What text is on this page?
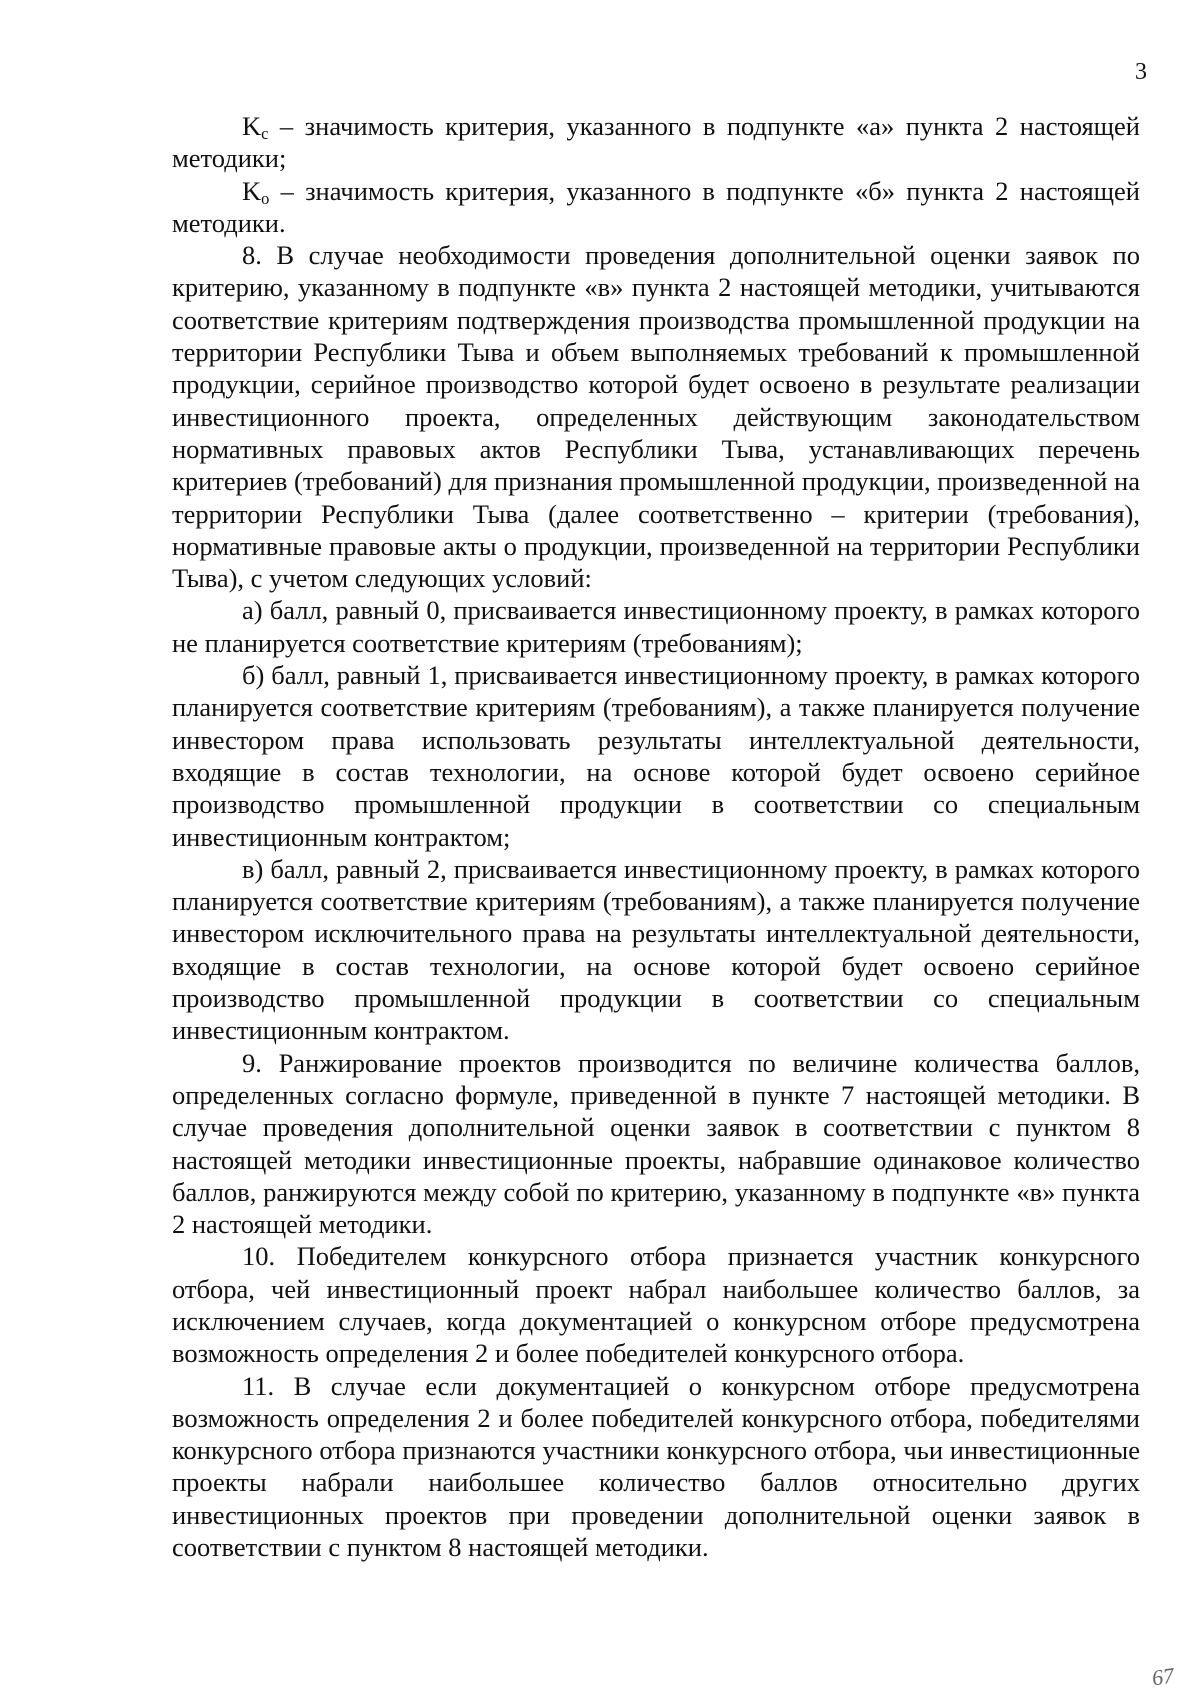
3

$K_c$ – значимость критерия, указанного в подпункте «а» пункта 2 настоящей методики;

$K_о$ – значимость критерия, указанного в подпункте «б» пункта 2 настоящей методики.

8. В случае необходимости проведения дополнительной оценки заявок по критерию, указанному в подпункте «в» пункта 2 настоящей методики, учитываются соответствие критериям подтверждения производства промышленной продукции на территории Республики Тыва и объем выполняемых требований к промышленной продукции, серийное производство которой будет освоено в результате реализации инвестиционного проекта, определенных действующим законодательством нормативных правовых актов Республики Тыва, устанавливающих перечень критериев (требований) для признания промышленной продукции, произведенной на территории Республики Тыва (далее соответственно – критерии (требования), нормативные правовые акты о продукции, произведенной на территории Республики Тыва), с учетом следующих условий:

а) балл, равный 0, присваивается инвестиционному проекту, в рамках которого не планируется соответствие критериям (требованиям);

б) балл, равный 1, присваивается инвестиционному проекту, в рамках которого планируется соответствие критериям (требованиям), а также планируется получение инвестором права использовать результаты интеллектуальной деятельности, входящие в состав технологии, на основе которой будет освоено серийное производство промышленной продукции в соответствии со специальным инвестиционным контрактом;

в) балл, равный 2, присваивается инвестиционному проекту, в рамках которого планируется соответствие критериям (требованиям), а также планируется получение инвестором исключительного права на результаты интеллектуальной деятельности, входящие в состав технологии, на основе которой будет освоено серийное производство промышленной продукции в соответствии со специальным инвестиционным контрактом.

9. Ранжирование проектов производится по величине количества баллов, определенных согласно формуле, приведенной в пункте 7 настоящей методики. В случае проведения дополнительной оценки заявок в соответствии с пунктом 8 настоящей методики инвестиционные проекты, набравшие одинаковое количество баллов, ранжируются между собой по критерию, указанному в подпункте «в» пункта 2 настоящей методики.

10. Победителем конкурсного отбора признается участник конкурсного отбора, чей инвестиционный проект набрал наибольшее количество баллов, за исключением случаев, когда документацией о конкурсном отборе предусмотрена возможность определения 2 и более победителей конкурсного отбора.

11. В случае если документацией о конкурсном отборе предусмотрена возможность определения 2 и более победителей конкурсного отбора, победителями конкурсного отбора признаются участники конкурсного отбора, чьи инвестиционные проекты набрали наибольшее количество баллов относительно других инвестиционных проектов при проведении дополнительной оценки заявок в соответствии с пунктом 8 настоящей методики.

67
